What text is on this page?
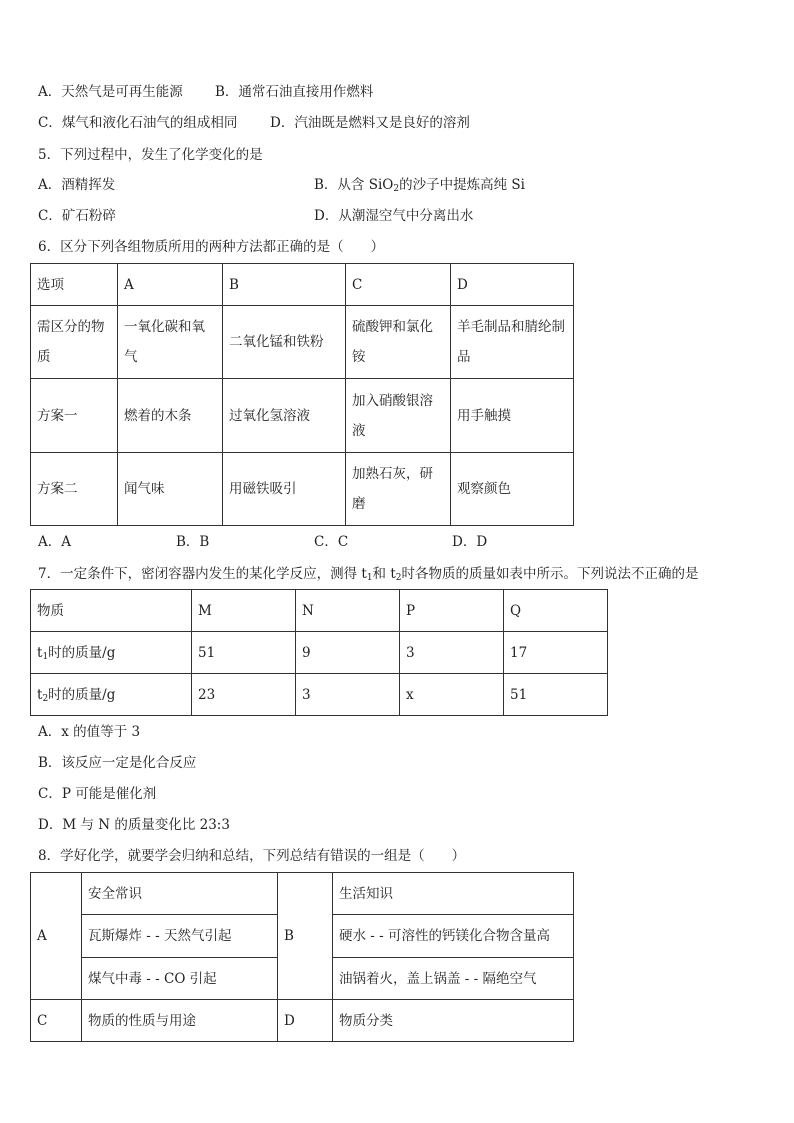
A．天然气是可再生能源 B．通常石油直接用作燃料
C．煤气和液化石油气的组成相同 D．汽油既是燃料又是良好的溶剂
5．下列过程中，发生了化学变化的是
A．酒精挥发	B．从含 SiO$_2$的沙子中提炼高纯 Si
C．矿石粉碎	D．从潮湿空气中分离出水
6．区分下列各组物质所用的两种方法都正确的是（　　）
选项	A	B	C	D
需区分的物质	一氧化碳和氧气	二氧化锰和铁粉	硫酸钾和氯化铵	羊毛制品和腈纶制品
方案一	燃着的木条	过氧化氢溶液	加入硝酸银溶液	用手触摸
方案二	闻气味	用磁铁吸引	加熟石灰，研磨	观察颜色
A．A	B．B	C．C	D．D
7．一定条件下，密闭容器内发生的某化学反应，测得 $t_1$和 $t_2$时各物质的质量如表中所示。下列说法不正确的是
物质	M	N	P	Q
$t_1$时的质量/g	51	9	3	17
$t_2$时的质量/g	23	3	x	51
A．x 的值等于 3
B．该反应一定是化合反应
C．P 可能是催化剂
D．M 与 N 的质量变化比 23:3
8．学好化学，就要学会归纳和总结，下列总结有错误的一组是（　　）
A	安全常识	B	生活知识
	瓦斯爆炸 - - 天然气引起		硬水 - - 可溶性的钙镁化合物含量高
	煤气中毒 - - CO 引起		油锅着火，盖上锅盖 - - 隔绝空气
C	物质的性质与用途	D	物质分类
